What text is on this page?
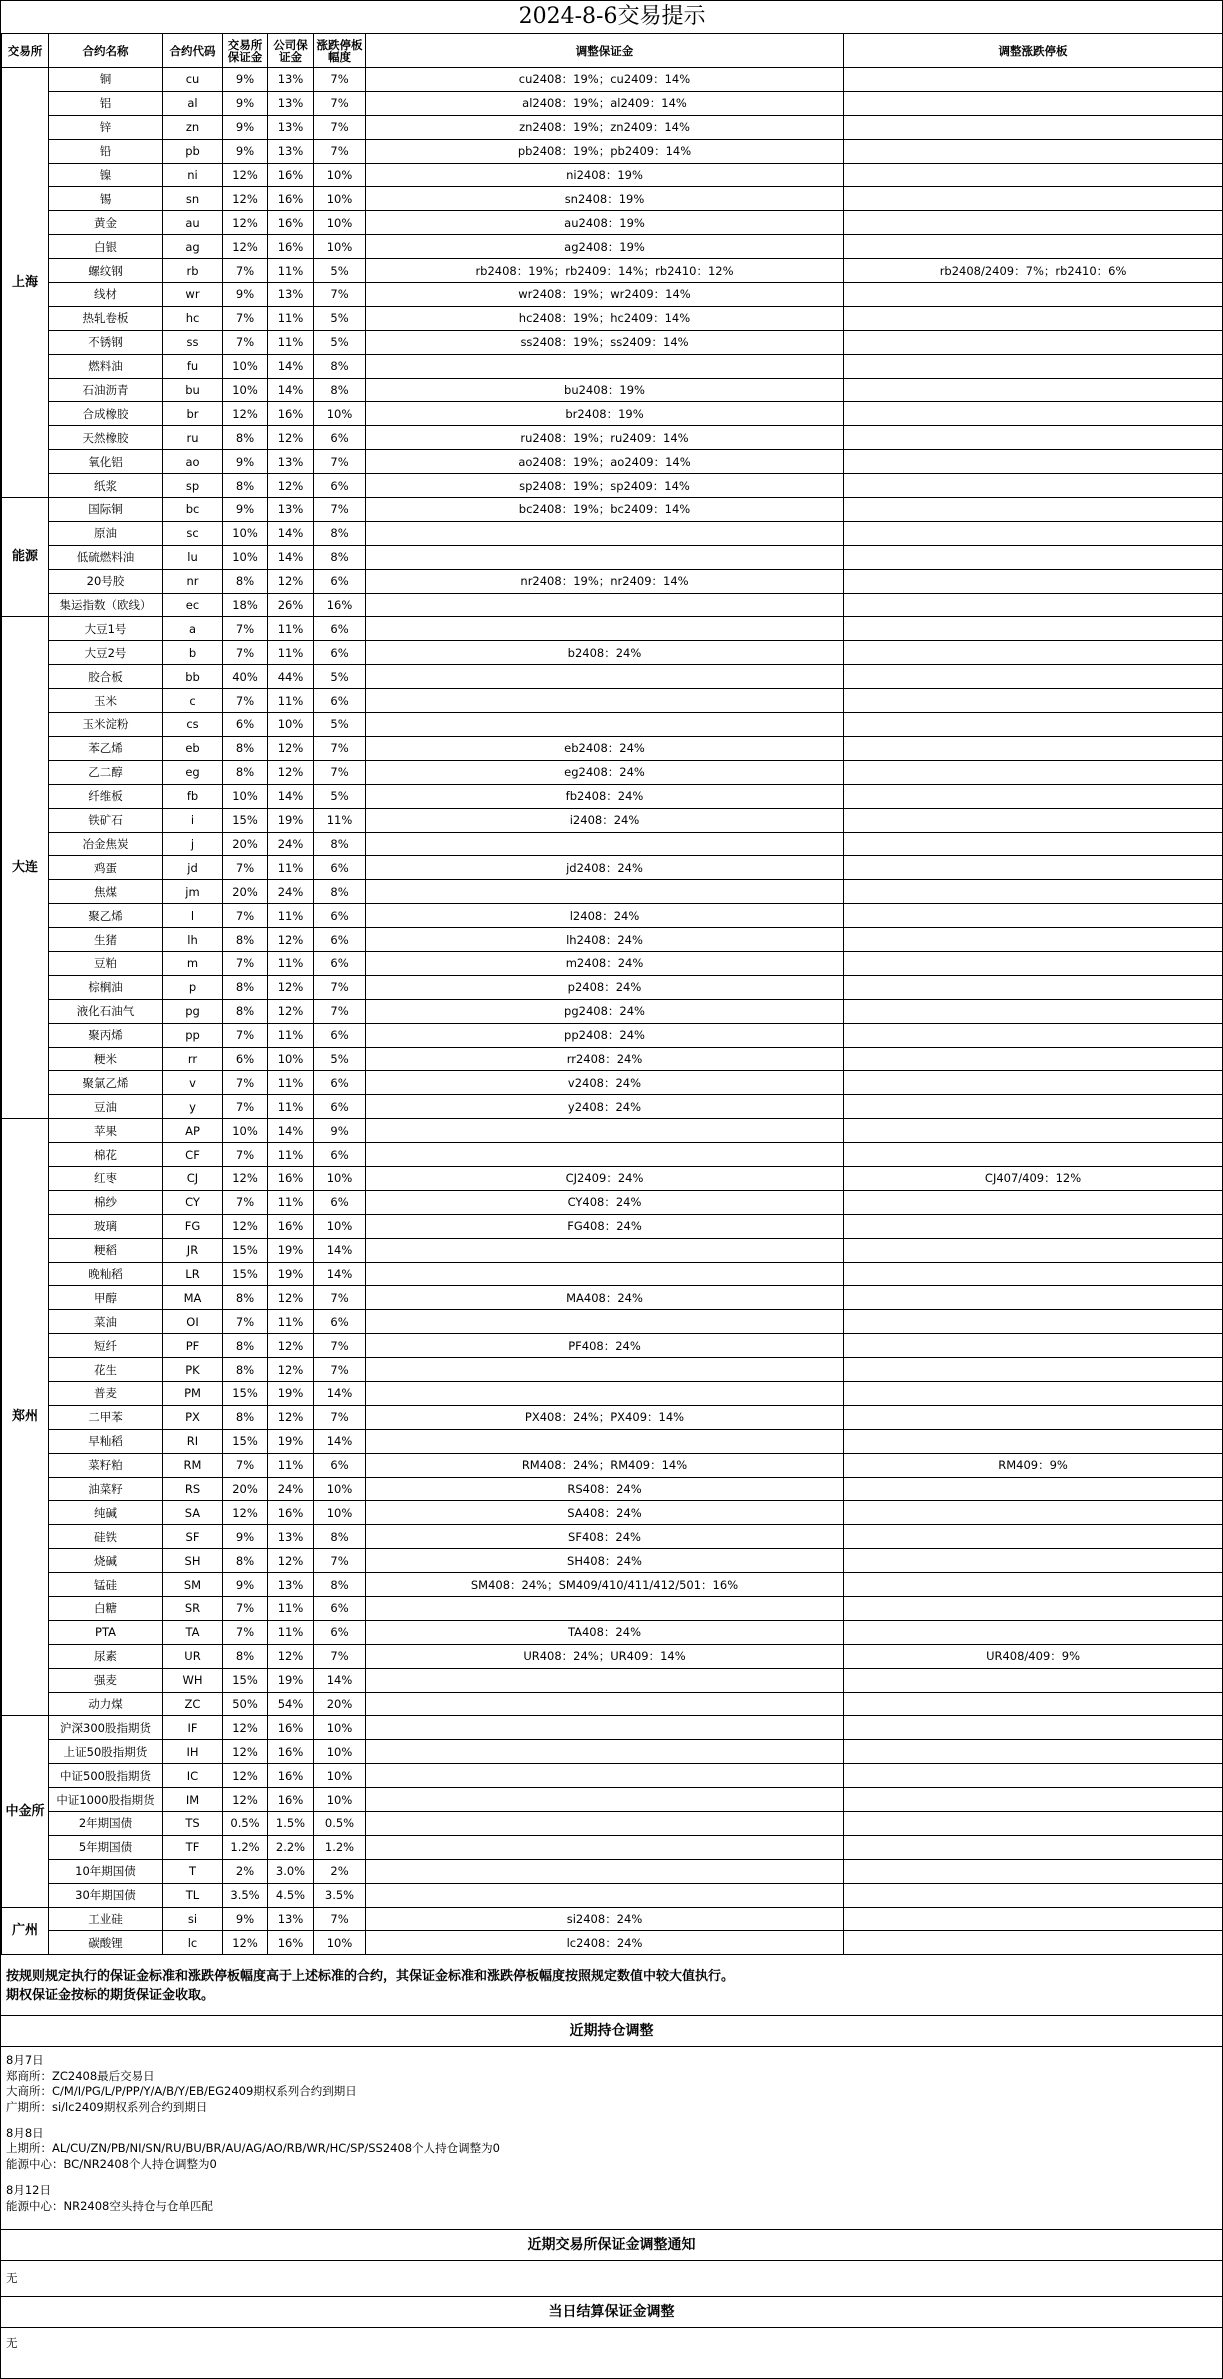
2024-8-6交易提示							
交易所	合约名称	合约代码	交易所保证金	公司保证金	涨跌停板幅度	调整保证金	调整涨跌停板
上海	铜	cu	9%	13%	7%	cu2408：19%；cu2409：14%	
	铝	al	9%	13%	7%	al2408：19%；al2409：14%	
	锌	zn	9%	13%	7%	zn2408：19%；zn2409：14%	
	铅	pb	9%	13%	7%	pb2408：19%；pb2409：14%	
	镍	ni	12%	16%	10%	ni2408：19%	
	锡	sn	12%	16%	10%	sn2408：19%	
	黄金	au	12%	16%	10%	au2408：19%	
	白银	ag	12%	16%	10%	ag2408：19%	
	螺纹钢	rb	7%	11%	5%	rb2408：19%；rb2409：14%；rb2410：12%	rb2408/2409：7%；rb2410：6%
	线材	wr	9%	13%	7%	wr2408：19%；wr2409：14%	
	热轧卷板	hc	7%	11%	5%	hc2408：19%；hc2409：14%	
	不锈钢	ss	7%	11%	5%	ss2408：19%；ss2409：14%	
	燃料油	fu	10%	14%	8%		
	石油沥青	bu	10%	14%	8%	bu2408：19%	
	合成橡胶	br	12%	16%	10%	br2408：19%	
	天然橡胶	ru	8%	12%	6%	ru2408：19%；ru2409：14%	
	氧化铝	ao	9%	13%	7%	ao2408：19%；ao2409：14%	
	纸浆	sp	8%	12%	6%	sp2408：19%；sp2409：14%	
能源	国际铜	bc	9%	13%	7%	bc2408：19%；bc2409：14%	
	原油	sc	10%	14%	8%		
	低硫燃料油	lu	10%	14%	8%		
	20号胶	nr	8%	12%	6%	nr2408：19%；nr2409：14%	
	集运指数（欧线）	ec	18%	26%	16%		
大连	大豆1号	a	7%	11%	6%		
	大豆2号	b	7%	11%	6%	b2408：24%	
	胶合板	bb	40%	44%	5%		
	玉米	c	7%	11%	6%		
	玉米淀粉	cs	6%	10%	5%		
	苯乙烯	eb	8%	12%	7%	eb2408：24%	
	乙二醇	eg	8%	12%	7%	eg2408：24%	
	纤维板	fb	10%	14%	5%	fb2408：24%	
	铁矿石	i	15%	19%	11%	i2408：24%	
	冶金焦炭	j	20%	24%	8%		
	鸡蛋	jd	7%	11%	6%	jd2408：24%	
	焦煤	jm	20%	24%	8%		
	聚乙烯	l	7%	11%	6%	l2408：24%	
	生猪	lh	8%	12%	6%	lh2408：24%	
	豆粕	m	7%	11%	6%	m2408：24%	
	棕榈油	p	8%	12%	7%	p2408：24%	
	液化石油气	pg	8%	12%	7%	pg2408：24%	
	聚丙烯	pp	7%	11%	6%	pp2408：24%	
	粳米	rr	6%	10%	5%	rr2408：24%	
	聚氯乙烯	v	7%	11%	6%	v2408：24%	
	豆油	y	7%	11%	6%	y2408：24%	
郑州	苹果	AP	10%	14%	9%		
	棉花	CF	7%	11%	6%		
	红枣	CJ	12%	16%	10%	CJ2409：24%	CJ407/409：12%
	棉纱	CY	7%	11%	6%	CY408：24%	
	玻璃	FG	12%	16%	10%	FG408：24%	
	粳稻	JR	15%	19%	14%		
	晚籼稻	LR	15%	19%	14%		
	甲醇	MA	8%	12%	7%	MA408：24%	
	菜油	OI	7%	11%	6%		
	短纤	PF	8%	12%	7%	PF408：24%	
	花生	PK	8%	12%	7%		
	普麦	PM	15%	19%	14%		
	二甲苯	PX	8%	12%	7%	PX408：24%；PX409：14%	
	早籼稻	RI	15%	19%	14%		
	菜籽粕	RM	7%	11%	6%	RM408：24%；RM409：14%	RM409：9%
	油菜籽	RS	20%	24%	10%	RS408：24%	
	纯碱	SA	12%	16%	10%	SA408：24%	
	硅铁	SF	9%	13%	8%	SF408：24%	
	烧碱	SH	8%	12%	7%	SH408：24%	
	锰硅	SM	9%	13%	8%	SM408：24%；SM409/410/411/412/501：16%	
	白糖	SR	7%	11%	6%		
	PTA	TA	7%	11%	6%	TA408：24%	
	尿素	UR	8%	12%	7%	UR408：24%；UR409：14%	UR408/409：9%
	强麦	WH	15%	19%	14%		
	动力煤	ZC	50%	54%	20%		
中金所	沪深300股指期货	IF	12%	16%	10%		
	上证50股指期货	IH	12%	16%	10%		
	中证500股指期货	IC	12%	16%	10%		
	中证1000股指期货	IM	12%	16%	10%		
	2年期国债	TS	0.5%	1.5%	0.5%		
	5年期国债	TF	1.2%	2.2%	1.2%		
	10年期国债	T	2%	3.0%	2%		
	30年期国债	TL	3.5%	4.5%	3.5%		
广州	工业硅	si	9%	13%	7%	si2408：24%	
	碳酸锂	lc	12%	16%	10%	lc2408：24%	
按规则规定执行的保证金标准和涨跌停板幅度高于上述标准的合约，其保证金标准和涨跌停板幅度按照规定数值中较大值执行。
期权保证金按标的期货保证金收取。
近期持仓调整
8月7日
郑商所：ZC2408最后交易日
大商所：C/M/I/PG/L/P/PP/Y/A/B/Y/EB/EG2409期权系列合约到期日
广期所：si/lc2409期权系列合约到期日
8月8日
上期所：AL/CU/ZN/PB/NI/SN/RU/BU/BR/AU/AG/AO/RB/WR/HC/SP/SS2408个人持仓调整为0
能源中心：BC/NR2408个人持仓调整为0
8月12日
能源中心：NR2408空头持仓与仓单匹配
近期交易所保证金调整通知
无
当日结算保证金调整
无
